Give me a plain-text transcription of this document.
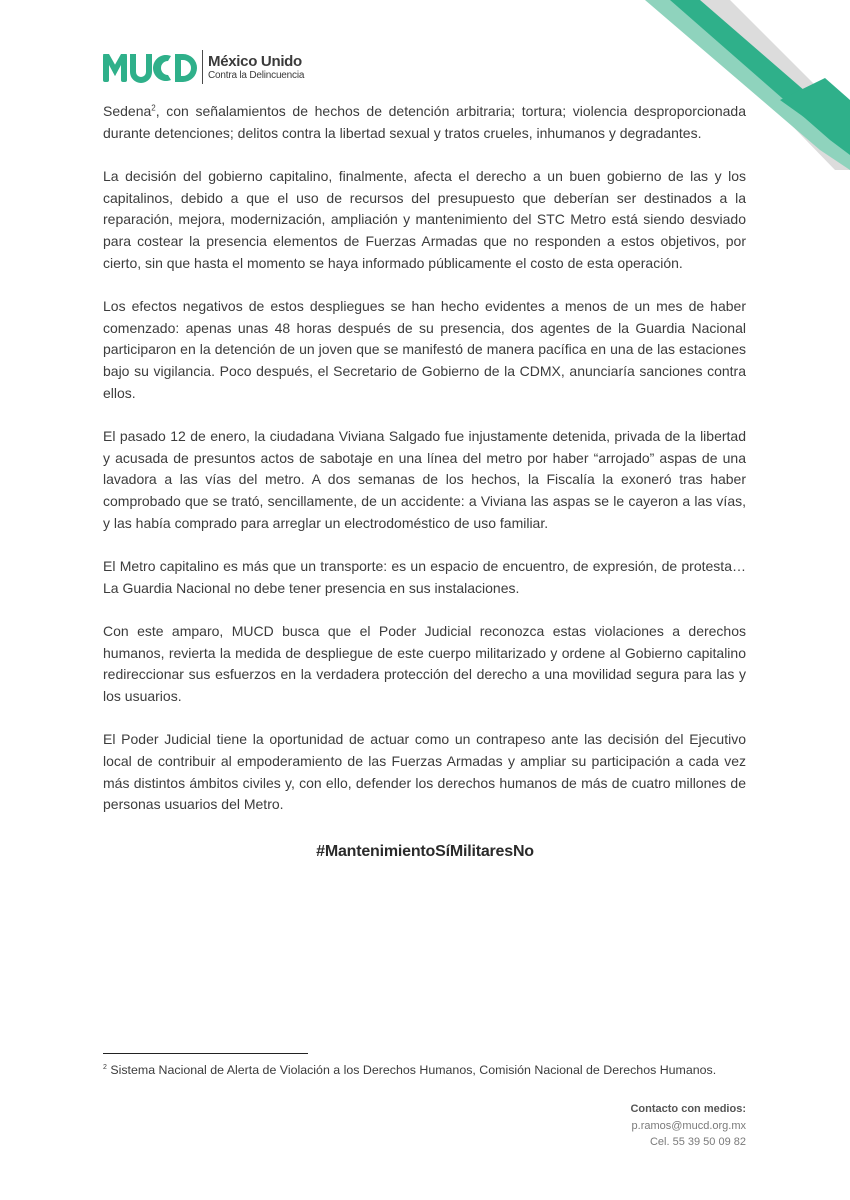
MUCD	México Unido
Contra la Delincuencia

Sedena$^2$, con señalamientos de hechos de detención arbitraria; tortura; violencia desproporcionada durante detenciones; delitos contra la libertad sexual y tratos crueles, inhumanos y degradantes.

La decisión del gobierno capitalino, finalmente, afecta el derecho a un buen gobierno de las y los capitalinos, debido a que el uso de recursos del presupuesto que deberían ser destinados a la reparación, mejora, modernización, ampliación y mantenimiento del STC Metro está siendo desviado para costear la presencia elementos de Fuerzas Armadas que no responden a estos objetivos, por cierto, sin que hasta el momento se haya informado públicamente el costo de esta operación.

Los efectos negativos de estos despliegues se han hecho evidentes a menos de un mes de haber comenzado: apenas unas 48 horas después de su presencia, dos agentes de la Guardia Nacional participaron en la detención de un joven que se manifestó de manera pacífica en una de las estaciones bajo su vigilancia. Poco después, el Secretario de Gobierno de la CDMX, anunciaría sanciones contra ellos.

El pasado 12 de enero, la ciudadana Viviana Salgado fue injustamente detenida, privada de la libertad y acusada de presuntos actos de sabotaje en una línea del metro por haber “arrojado” aspas de una lavadora a las vías del metro. A dos semanas de los hechos, la Fiscalía la exoneró tras haber comprobado que se trató, sencillamente, de un accidente: a Viviana las aspas se le cayeron a las vías, y las había comprado para arreglar un electrodoméstico de uso familiar.

El Metro capitalino es más que un transporte: es un espacio de encuentro, de expresión, de protesta… La Guardia Nacional no debe tener presencia en sus instalaciones.

Con este amparo, MUCD busca que el Poder Judicial reconozca estas violaciones a derechos humanos, revierta la medida de despliegue de este cuerpo militarizado y ordene al Gobierno capitalino redireccionar sus esfuerzos en la verdadera protección del derecho a una movilidad segura para las y los usuarios.

El Poder Judicial tiene la oportunidad de actuar como un contrapeso ante las decisión del Ejecutivo local de contribuir al empoderamiento de las Fuerzas Armadas y ampliar su participación a cada vez más distintos ámbitos civiles y, con ello, defender los derechos humanos de más de cuatro millones de personas usuarios del Metro.

#MantenimientoSíMilitaresNo
$^2$ Sistema Nacional de Alerta de Violación a los Derechos Humanos, Comisión Nacional de Derechos Humanos.
Contacto con medios:
p.ramos@mucd.org.mx
Cel. 55 39 50 09 82
